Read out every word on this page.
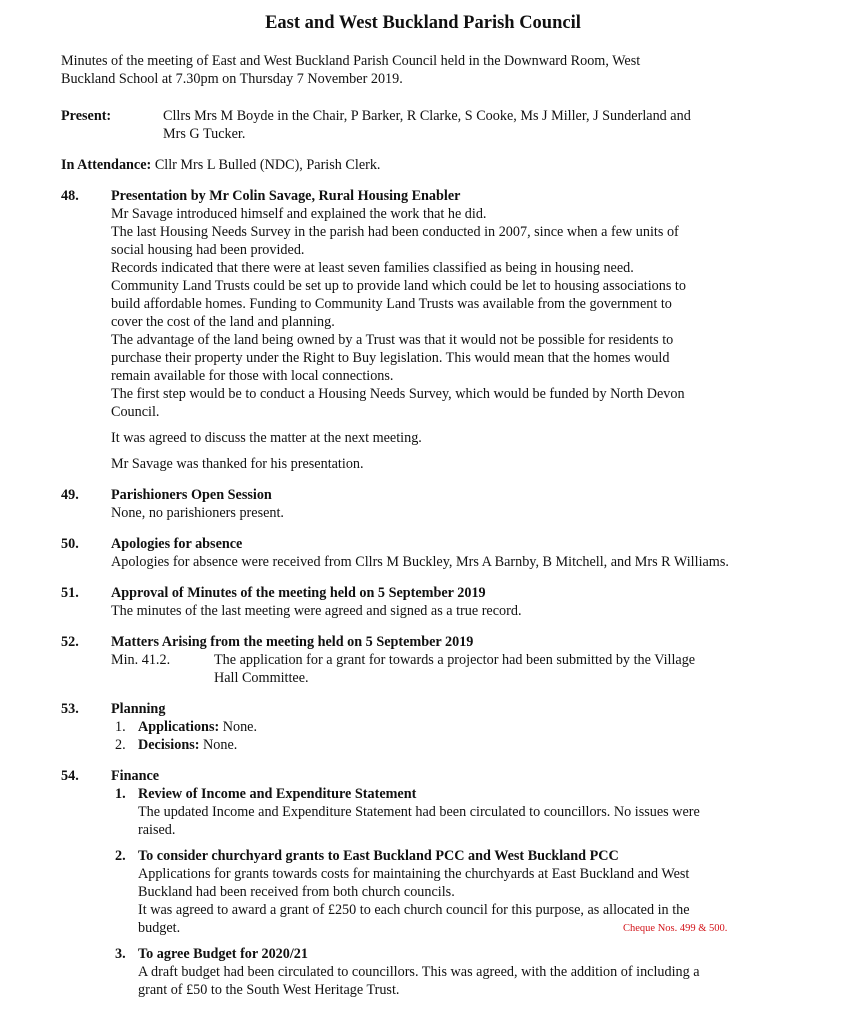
East and West Buckland Parish Council
Minutes of the meeting of East and West Buckland Parish Council held in the Downward Room, West
Buckland School at 7.30pm on Thursday 7 November 2019.
Present:	Cllrs Mrs M Boyde in the Chair, P Barker, R Clarke, S Cooke, Ms J Miller, J Sunderland and
Mrs G Tucker.
In Attendance: Cllr Mrs L Bulled (NDC), Parish Clerk.
48. Presentation by Mr Colin Savage, Rural Housing Enabler
Mr Savage introduced himself and explained the work that he did.
The last Housing Needs Survey in the parish had been conducted in 2007, since when a few units of
social housing had been provided.
Records indicated that there were at least seven families classified as being in housing need.
Community Land Trusts could be set up to provide land which could be let to housing associations to
build affordable homes. Funding to Community Land Trusts was available from the government to
cover the cost of the land and planning.
The advantage of the land being owned by a Trust was that it would not be possible for residents to
purchase their property under the Right to Buy legislation. This would mean that the homes would
remain available for those with local connections.
The first step would be to conduct a Housing Needs Survey, which would be funded by North Devon
Council.
It was agreed to discuss the matter at the next meeting.
Mr Savage was thanked for his presentation.
49. Parishioners Open Session
None, no parishioners present.
50. Apologies for absence
Apologies for absence were received from Cllrs M Buckley, Mrs A Barnby, B Mitchell, and Mrs R Williams.
51. Approval of Minutes of the meeting held on 5 September 2019
The minutes of the last meeting were agreed and signed as a true record.
52. Matters Arising from the meeting held on 5 September 2019
Min. 41.2.	The application for a grant for towards a projector had been submitted by the Village
Hall Committee.
53. Planning
1. Applications: None.
2. Decisions: None.
54. Finance
1. Review of Income and Expenditure Statement
The updated Income and Expenditure Statement had been circulated to councillors. No issues were
raised.
2. To consider churchyard grants to East Buckland PCC and West Buckland PCC
Applications for grants towards costs for maintaining the churchyards at East Buckland and West
Buckland had been received from both church councils.
It was agreed to award a grant of £250 to each church council for this purpose, as allocated in the
budget.	Cheque Nos. 499 & 500.
3. To agree Budget for 2020/21
A draft budget had been circulated to councillors. This was agreed, with the addition of including a
grant of £50 to the South West Heritage Trust.
